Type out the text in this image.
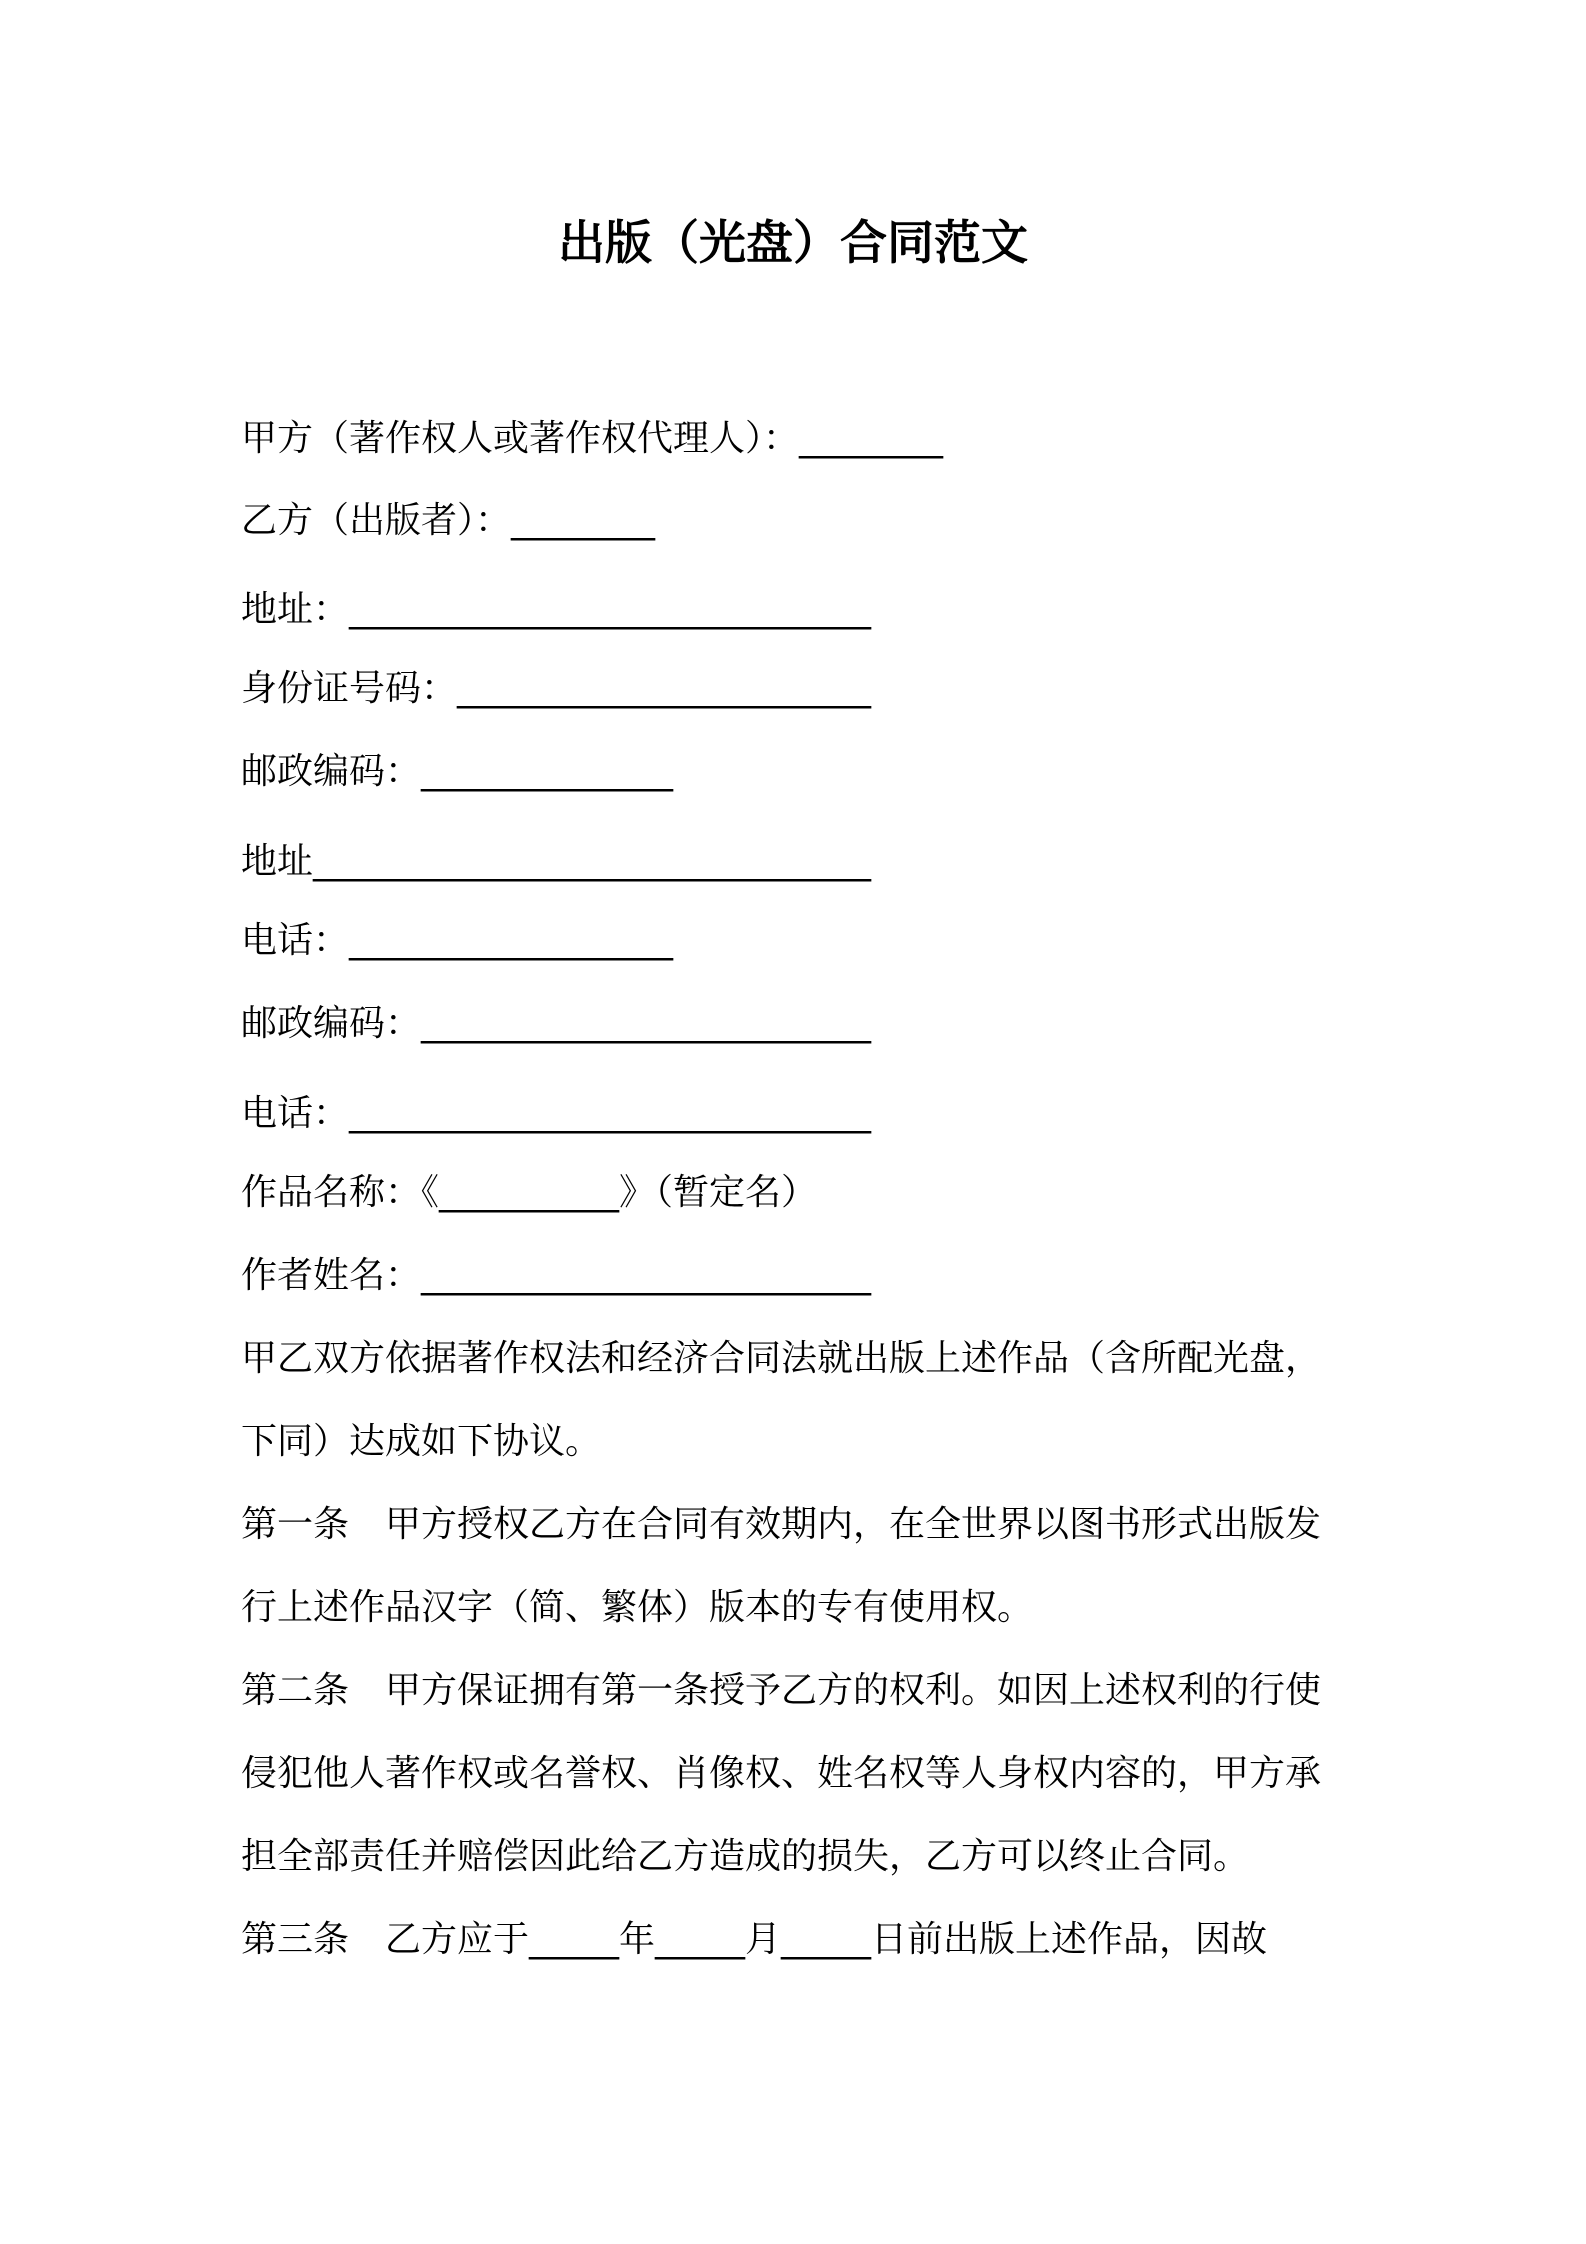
出版（光盘）合同范文
甲方（著作权人或著作权代理人）：________
乙方（出版者）：________
地址：_____________________________
身份证号码：_______________________
邮政编码：______________
地址_______________________________
电话：__________________
邮政编码：_________________________
电话：_____________________________
作品名称：《__________》（暂定名）
作者姓名：_________________________
甲乙双方依据著作权法和经济合同法就出版上述作品（含所配光盘，
下同）达成如下协议。
第一条　甲方授权乙方在合同有效期内，在全世界以图书形式出版发
行上述作品汉字（简、繁体）版本的专有使用权。
第二条　甲方保证拥有第一条授予乙方的权利。如因上述权利的行使
侵犯他人著作权或名誉权、肖像权、姓名权等人身权内容的，甲方承
担全部责任并赔偿因此给乙方造成的损失，乙方可以终止合同。
第三条　乙方应于_____年_____月_____日前出版上述作品，因故
